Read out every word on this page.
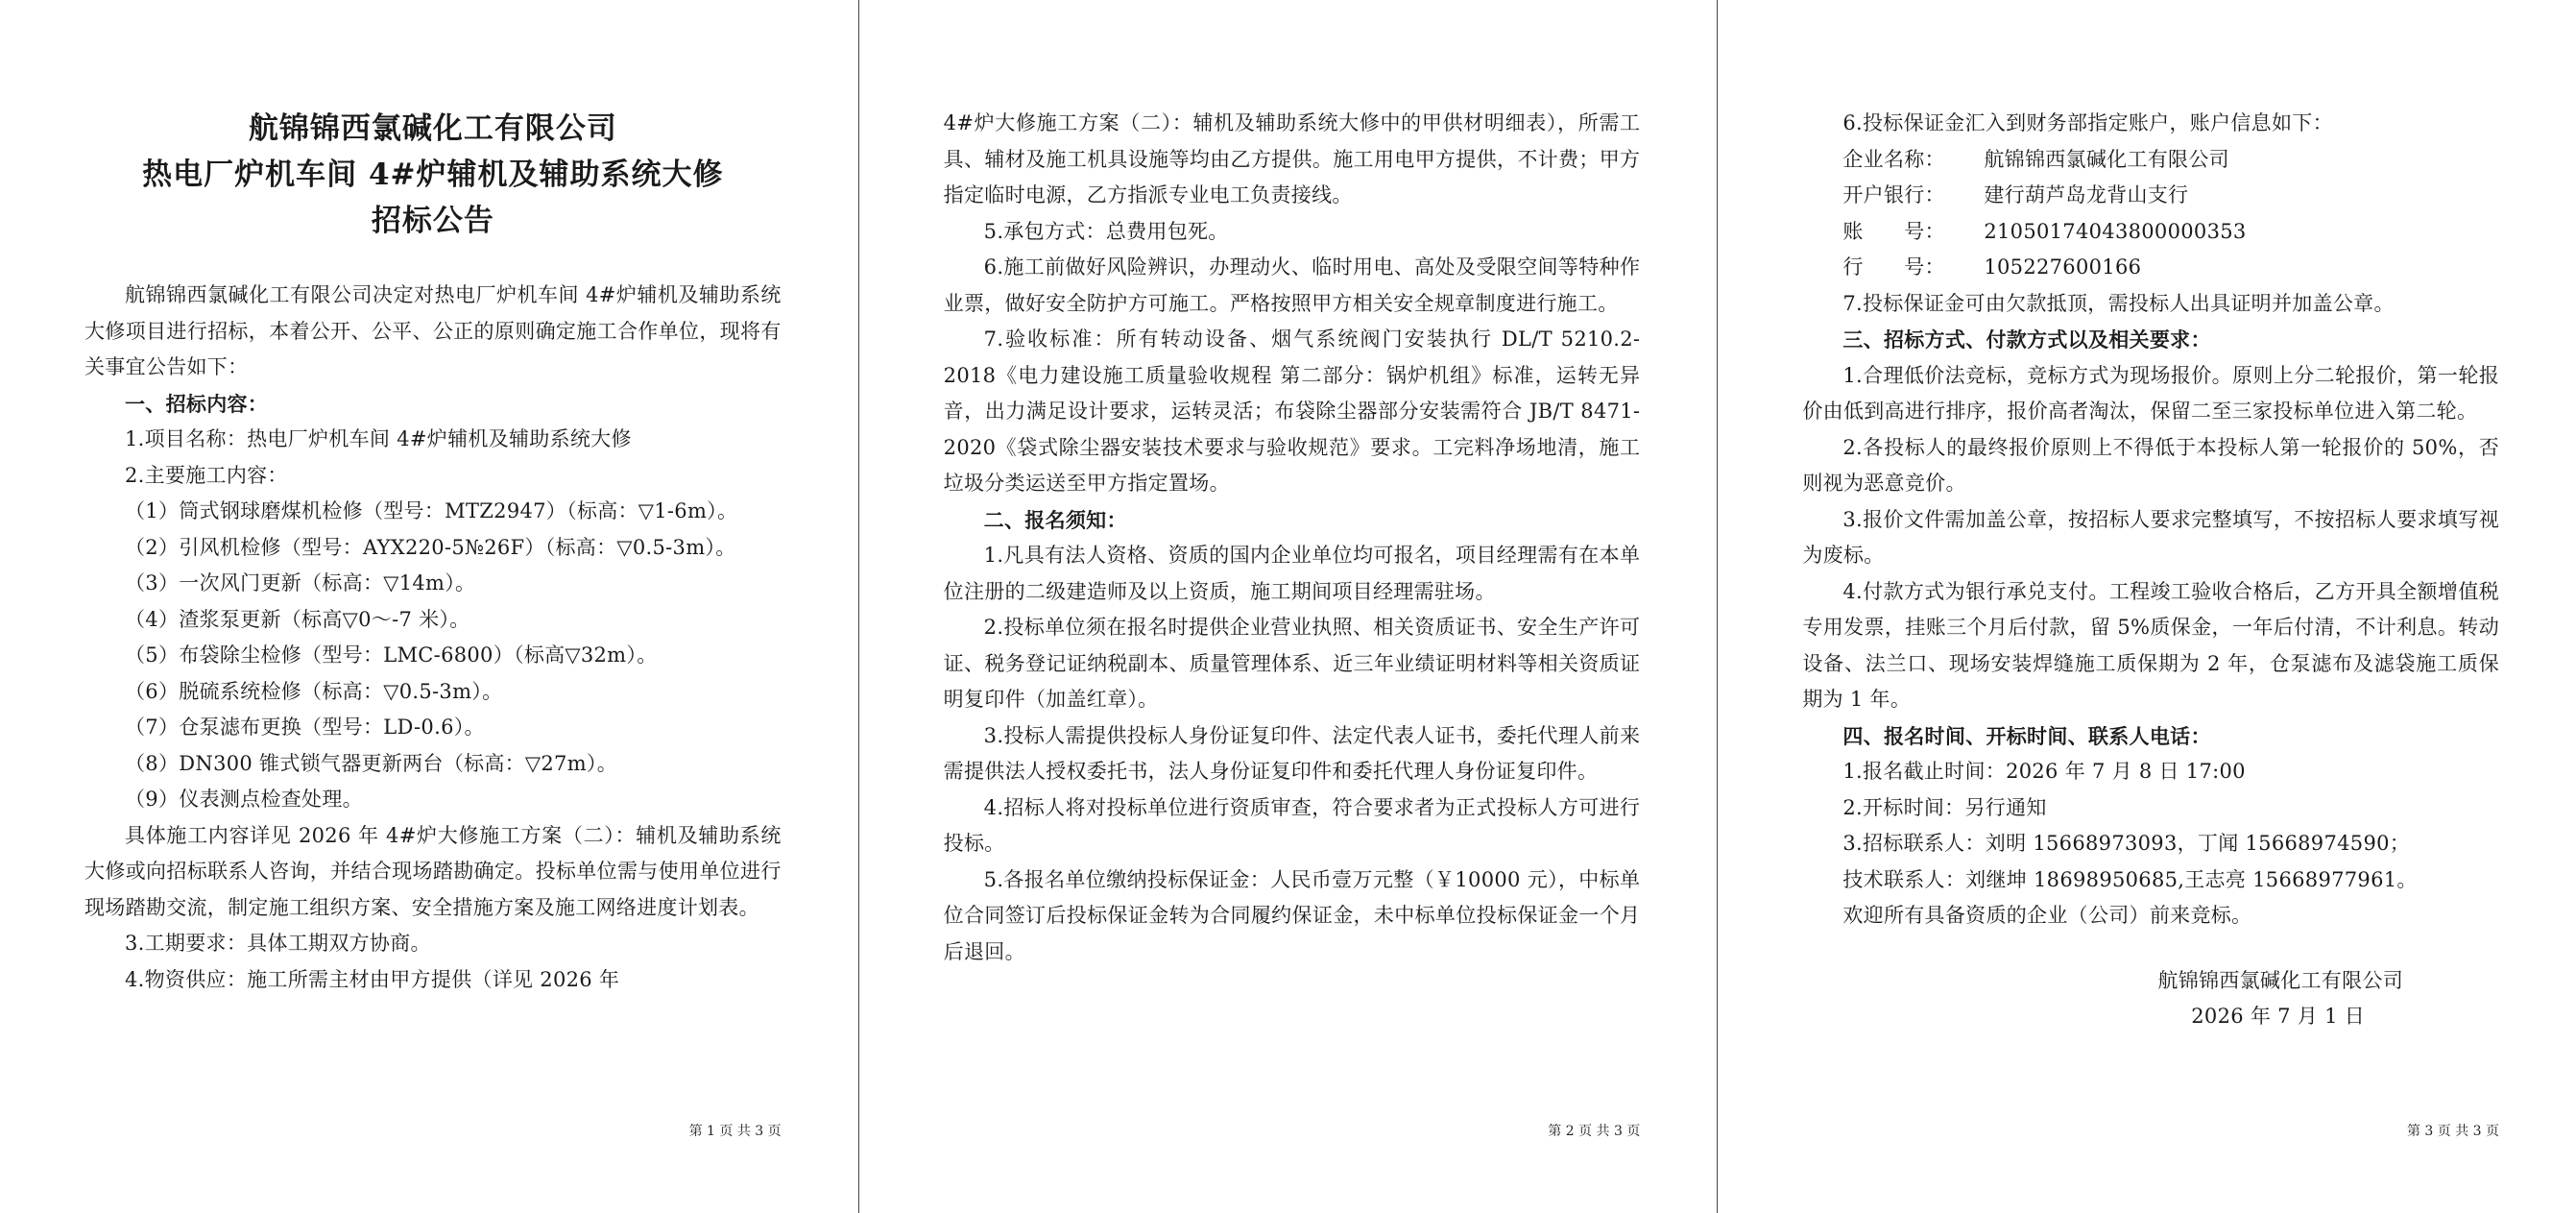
航锦锦西氯碱化工有限公司
热电厂炉机车间 4#炉辅机及辅助系统大修
招标公告

航锦锦西氯碱化工有限公司决定对热电厂炉机车间 4#炉辅机及辅助系统大修项目进行招标，本着公开、公平、公正的原则确定施工合作单位，现将有关事宜公告如下：

一、招标内容：

1.项目名称：热电厂炉机车间 4#炉辅机及辅助系统大修

2.主要施工内容：

（1）筒式钢球磨煤机检修（型号：MTZ2947）（标高：▽1-6m）。

（2）引风机检修（型号：AYX220-5№26F）（标高：▽0.5-3m）。

（3）一次风门更新（标高：▽14m）。

（4）渣浆泵更新（标高▽0～-7 米）。

（5）布袋除尘检修（型号：LMC-6800）（标高▽32m）。

（6）脱硫系统检修（标高：▽0.5-3m）。

（7）仓泵滤布更换（型号：LD-0.6）。

（8）DN300 锥式锁气器更新两台（标高：▽27m）。

（9）仪表测点检查处理。

具体施工内容详见 2026 年 4#炉大修施工方案（二）：辅机及辅助系统大修或向招标联系人咨询，并结合现场踏勘确定。投标单位需与使用单位进行现场踏勘交流，制定施工组织方案、安全措施方案及施工网络进度计划表。

3.工期要求：具体工期双方协商。

4.物资供应：施工所需主材由甲方提供（详见 2026 年

第 1 页 共 3 页

4#炉大修施工方案（二）：辅机及辅助系统大修中的甲供材明细表），所需工具、辅材及施工机具设施等均由乙方提供。施工用电甲方提供，不计费；甲方指定临时电源，乙方指派专业电工负责接线。

5.承包方式：总费用包死。

6.施工前做好风险辨识，办理动火、临时用电、高处及受限空间等特种作业票，做好安全防护方可施工。严格按照甲方相关安全规章制度进行施工。

7.验收标准：所有转动设备、烟气系统阀门安装执行 DL/T 5210.2-2018《电力建设施工质量验收规程 第二部分：锅炉机组》标准，运转无异音，出力满足设计要求，运转灵活；布袋除尘器部分安装需符合 JB/T 8471-2020《袋式除尘器安装技术要求与验收规范》要求。工完料净场地清，施工垃圾分类运送至甲方指定置场。

二、报名须知：

1.凡具有法人资格、资质的国内企业单位均可报名，项目经理需有在本单位注册的二级建造师及以上资质，施工期间项目经理需驻场。

2.投标单位须在报名时提供企业营业执照、相关资质证书、安全生产许可证、税务登记证纳税副本、质量管理体系、近三年业绩证明材料等相关资质证明复印件（加盖红章）。

3.投标人需提供投标人身份证复印件、法定代表人证书，委托代理人前来需提供法人授权委托书，法人身份证复印件和委托代理人身份证复印件。

4.招标人将对投标单位进行资质审查，符合要求者为正式投标人方可进行投标。

5.各报名单位缴纳投标保证金：人民币壹万元整（￥10000 元），中标单位合同签订后投标保证金转为合同履约保证金，未中标单位投标保证金一个月后退回。

第 2 页 共 3 页

6.投标保证金汇入到财务部指定账户，账户信息如下：

企业名称：	航锦锦西氯碱化工有限公司
开户银行：	建行葫芦岛龙背山支行
账　　号：	21050174043800000353
行　　号：	105227600166

7.投标保证金可由欠款抵顶，需投标人出具证明并加盖公章。

三、招标方式、付款方式以及相关要求：

1.合理低价法竞标，竞标方式为现场报价。原则上分二轮报价，第一轮报价由低到高进行排序，报价高者淘汰，保留二至三家投标单位进入第二轮。

2.各投标人的最终报价原则上不得低于本投标人第一轮报价的 50%，否则视为恶意竞价。

3.报价文件需加盖公章，按招标人要求完整填写，不按招标人要求填写视为废标。

4.付款方式为银行承兑支付。工程竣工验收合格后，乙方开具全额增值税专用发票，挂账三个月后付款，留 5%质保金，一年后付清，不计利息。转动设备、法兰口、现场安装焊缝施工质保期为 2 年，仓泵滤布及滤袋施工质保期为 1 年。

四、报名时间、开标时间、联系人电话：

1.报名截止时间：2026 年 7 月 8 日 17:00

2.开标时间：另行通知

3.招标联系人：刘明 15668973093，丁闻 15668974590；

技术联系人：刘继坤 18698950685,王志亮 15668977961。

欢迎所有具备资质的企业（公司）前来竞标。

航锦锦西氯碱化工有限公司
2026 年 7 月 1 日
第 3 页 共 3 页
